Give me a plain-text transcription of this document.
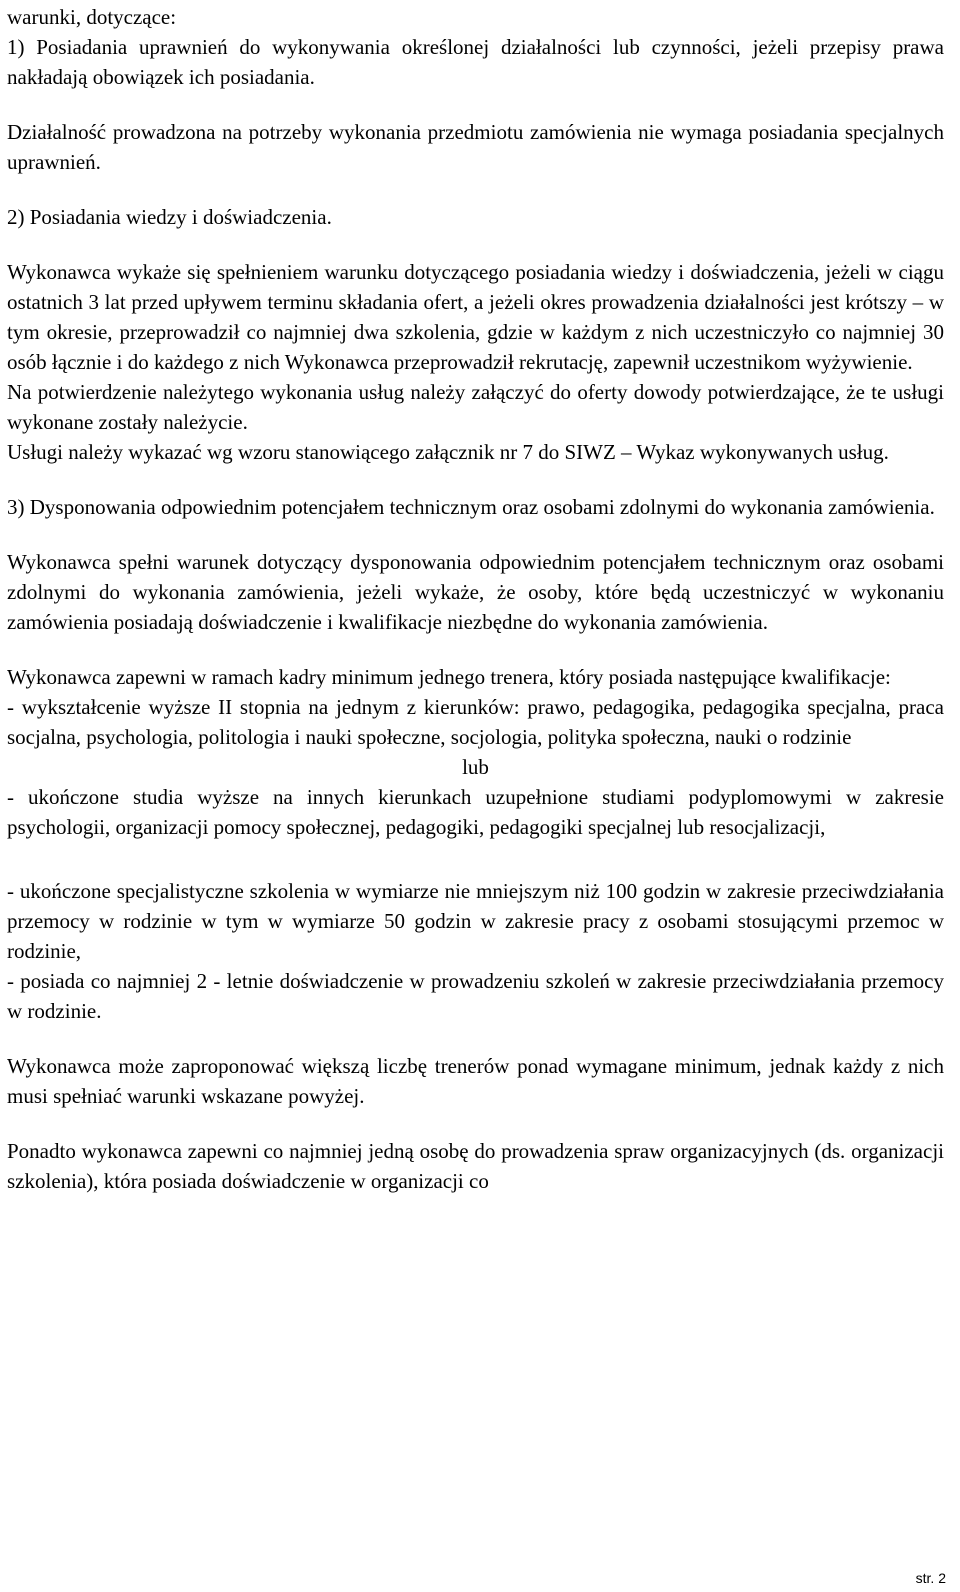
warunki, dotyczące:

1) Posiadania uprawnień do wykonywania określonej działalności lub czynności, jeżeli przepisy prawa nakładają obowiązek ich posiadania.

Działalność prowadzona na potrzeby wykonania przedmiotu zamówienia nie wymaga posiadania specjalnych uprawnień.

2) Posiadania wiedzy i doświadczenia.

Wykonawca wykaże się spełnieniem warunku dotyczącego posiadania wiedzy i doświadczenia, jeżeli w ciągu ostatnich 3 lat przed upływem terminu składania ofert, a jeżeli okres prowadzenia działalności jest krótszy – w tym okresie, przeprowadził co najmniej dwa szkolenia, gdzie w każdym z nich uczestniczyło co najmniej 30 osób łącznie i do każdego z nich Wykonawca przeprowadził rekrutację, zapewnił uczestnikom wyżywienie.

Na potwierdzenie należytego wykonania usług należy załączyć do oferty dowody potwierdzające, że te usługi wykonane zostały należycie.

Usługi należy wykazać wg wzoru stanowiącego załącznik nr 7 do SIWZ – Wykaz wykonywanych usług.

3) Dysponowania odpowiednim potencjałem technicznym oraz osobami zdolnymi do wykonania zamówienia.

Wykonawca spełni warunek dotyczący dysponowania odpowiednim potencjałem technicznym oraz osobami zdolnymi do wykonania zamówienia, jeżeli wykaże, że osoby, które będą uczestniczyć w wykonaniu zamówienia posiadają doświadczenie i kwalifikacje niezbędne do wykonania zamówienia.

Wykonawca zapewni w ramach kadry minimum jednego trenera, który posiada następujące kwalifikacje:

- wykształcenie wyższe II stopnia na jednym z kierunków: prawo, pedagogika, pedagogika specjalna, praca socjalna, psychologia, politologia i nauki społeczne, socjologia, polityka społeczna, nauki o rodzinie

lub

- ukończone studia wyższe na innych kierunkach uzupełnione studiami podyplomowymi w zakresie psychologii, organizacji pomocy społecznej, pedagogiki, pedagogiki specjalnej lub resocjalizacji,

- ukończone specjalistyczne szkolenia w wymiarze nie mniejszym niż 100 godzin w zakresie przeciwdziałania przemocy w rodzinie w tym w wymiarze 50 godzin w zakresie pracy z osobami stosującymi przemoc w rodzinie,

- posiada co najmniej 2 - letnie doświadczenie w prowadzeniu szkoleń w zakresie przeciwdziałania przemocy w rodzinie.

Wykonawca może zaproponować większą liczbę trenerów ponad wymagane minimum, jednak każdy z nich musi spełniać warunki wskazane powyżej.

Ponadto wykonawca zapewni co najmniej jedną osobę do prowadzenia spraw organizacyjnych (ds. organizacji szkolenia), która posiada doświadczenie w organizacji co

str. 2
